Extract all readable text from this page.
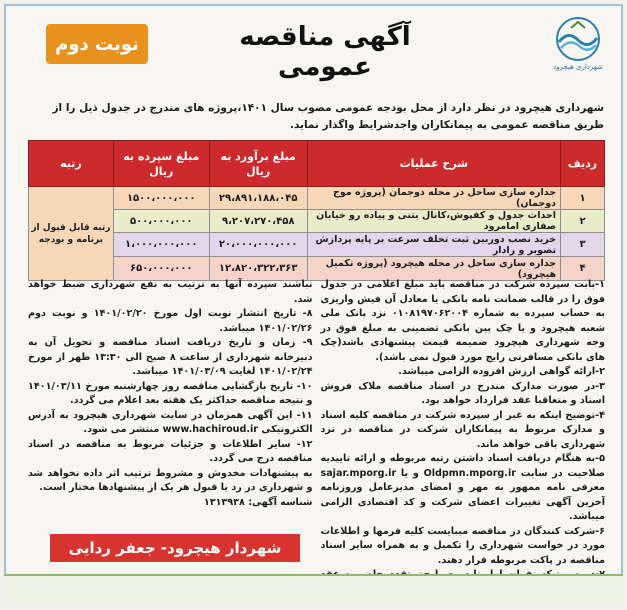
شهرداری هیچرود
آگهی مناقصه عمومی
نوبت دوم
شهرداری هیچرود در نظر دارد از محل بودجه عمومی مصوب سال ۱۴۰۱،پروژه های مندرج در جدول ذیل را از طریق مناقصه عمومی به پیمانکاران واجدشرایط واگذار نماید.
ردیف	شرح عملیات	مبلغ برآورد به ریال	مبلغ سپرده به ریال	رتبه
۱	جداره سازی ساحل در محله دوجمان (پروژه موج دوجمان)	۲۹،۸۹۱،۱۸۸،۰۴۵	۱۵۰۰،۰۰۰،۰۰۰	رتبه قابل قبول از برنامه و بودجه
۲	احداث جدول و کفپوش،کانال بتنی و پیاده رو خیابان صفاری امامرود	۹،۲۰۷،۲۷۰،۴۵۸	۵۰۰،۰۰۰،۰۰۰	
۳	خرید نصب دوربین ثبت تخلف سرعت بر پایه پردازش تصویر و رادار	۲۰،۰۰۰،۰۰۰،۰۰۰	۱،۰۰۰،۰۰۰،۰۰۰	
۴	جداره سازی ساحل در محله هیچرود (پروژه تکمیل هیچرود)	۱۲،۸۲۰،۳۲۲،۳۶۳	۶۵۰،۰۰۰،۰۰۰	

۱-بابت سپرده شرکت در مناقصه باید مبلغ اعلامی در جدول فوق را در قالب ضمانت نامه بانکی یا معادل آن فیش واریزی به حساب سپرده به شماره ۰۱۰۸۱۹۷۰۶۲۰۰۴ نزد بانک ملی شعبه هیچرود و یا چک بین بانکی تضمینی به مبلغ فوق در وجه شهرداری هیچرود ضمیمه قیمت پیشنهادی باشد(چک های بانکی مسافرتی رایج مورد قبول نمی باشد).

۲-ارائه گواهی ارزش افزوده الزامی میباشد.

۳-در صورت مدارک مندرج در اسناد مناقصه ملاک فروش اسناد و متعاقبا عقد قرارداد خواهد بود.

۴-توضیح اینکه به غیر از سپرده شرکت در مناقصه کلیه اسناد و مدارک مربوط به پیمانکاران شرکت در مناقصه در نزد شهرداری باقی خواهد ماند.

۵-به هنگام دریافت اسناد داشتن رتبه مربوطه و ارائه تاییدیه صلاحیت در سایت Oldpmn.mporg.ir و یا sajar.mporg.ir معرفی نامه ممهور به مهر و امضای مدیرعامل وروزنامه آخرین آگهی تغییرات اعضای شرکت و کد اقتصادی الزامی میباشد.

۶-شرکت کنندگان در مناقصه میبایست کلیه فرمها و اطلاعات مورد در خواست شهرداری را تکمیل و به همراه سایر اسناد مناقصه در پاکت مربوطه قرار دهند.

نباشند سپرده آنها به ترتیب به نفع شهرداری ضبط خواهد شد.

۸- تاریخ انتشار نوبت اول مورخ ۱۴۰۱/۰۲/۲۰ و نوبت دوم ۱۴۰۱/۰۲/۲۶ میباشد.

۹- زمان و تاریخ دریافت اسناد مناقصه و تحویل آن به دبیرخانه شهرداری از ساعت ۸ صبح الی ۱۳:۳۰ ظهر از مورخ ۱۴۰۱/۰۲/۲۴ لغایت ۱۴۰۱/۰۳/۰۹ میباشد.

۱۰- تاریخ بازگشایی مناقصه روز چهارشنبه مورخ ۱۴۰۱/۰۳/۱۱ و نتیجه مناقصه حداکثر یک هفته بعد اعلام می گردد.

۱۱- این آگهی همزمان در سایت شهرداری هیچرود به آدرس الکترونیکی www.hachiroud.ir منتشر می شود.

۱۲- سایر اطلاعات و جزئیات مربوط به مناقصه در اسناد مناقصه درج می گردد.

به پیشنهادات مخدوش و مشروط ترتیب اثر داده نخواهد شد و شهرداری در رد یا قبول هر یک از پیشنهادها مختار است.

شناسه آگهی: ۱۳۱۳۹۳۸

شهردار هیچرود- جعفر ردایی
